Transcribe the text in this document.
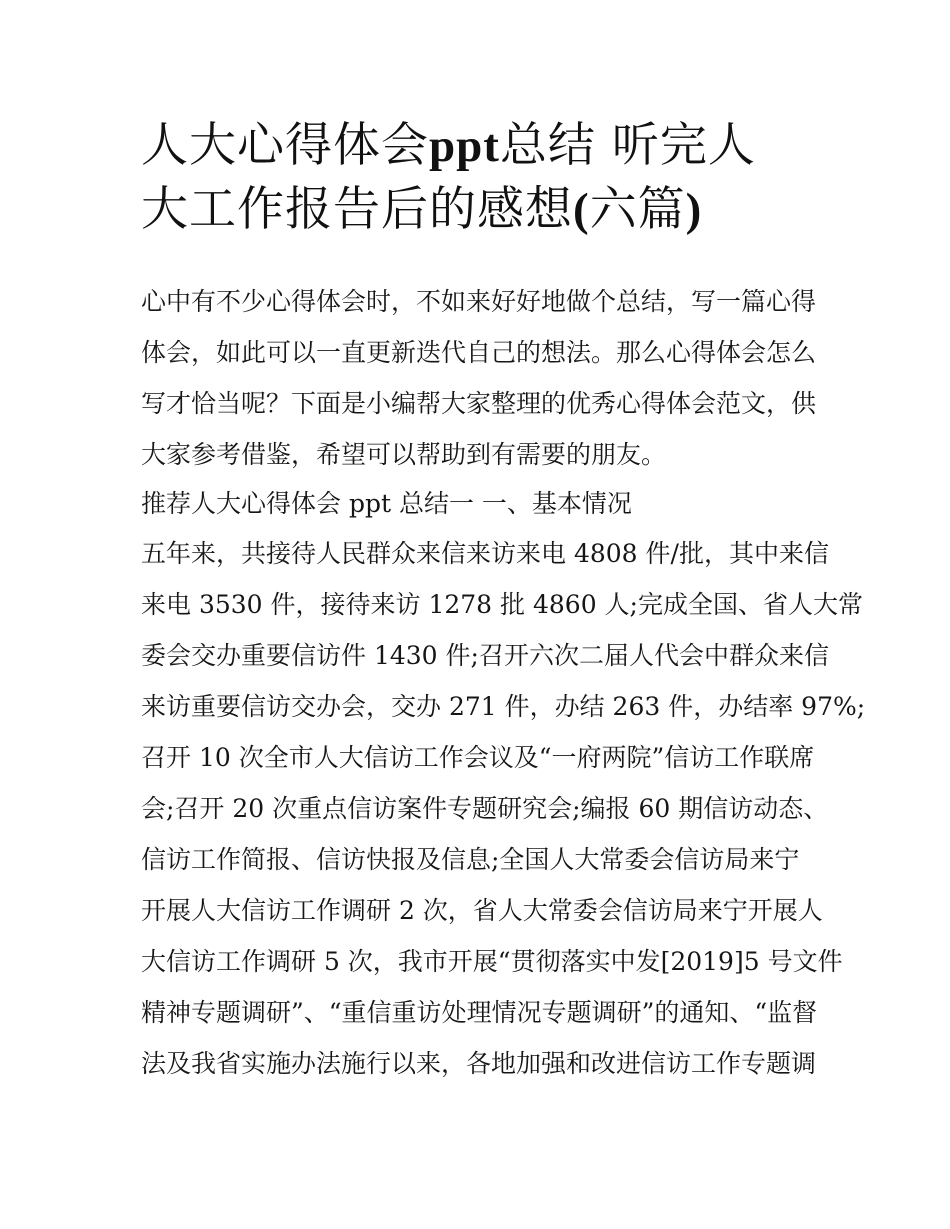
人大心得体会ppt总结 听完人
大工作报告后的感想(六篇)
心中有不少心得体会时，不如来好好地做个总结，写一篇心得
体会，如此可以一直更新迭代自己的想法。那么心得体会怎么
写才恰当呢？下面是小编帮大家整理的优秀心得体会范文，供
大家参考借鉴，希望可以帮助到有需要的朋友。
推荐人大心得体会 ppt 总结一 一、基本情况
五年来，共接待人民群众来信来访来电 4808 件/批，其中来信
来电 3530 件，接待来访 1278 批 4860 人;完成全国、省人大常
委会交办重要信访件 1430 件;召开六次二届人代会中群众来信
来访重要信访交办会，交办 271 件，办结 263 件，办结率 97%;
召开 10 次全市人大信访工作会议及“一府两院”信访工作联席
会;召开 20 次重点信访案件专题研究会;编报 60 期信访动态、
信访工作简报、信访快报及信息;全国人大常委会信访局来宁
开展人大信访工作调研 2 次，省人大常委会信访局来宁开展人
大信访工作调研 5 次，我市开展“贯彻落实中发[2019]5 号文件
精神专题调研”、“重信重访处理情况专题调研”的通知、“监督
法及我省实施办法施行以来，各地加强和改进信访工作专题调
